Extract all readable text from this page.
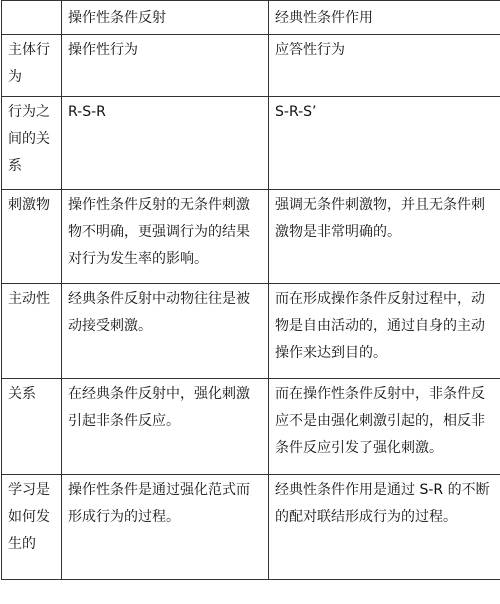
	操作性条件反射	经典性条件作用
主体行为	操作性行为	应答性行为
行为之间的关系	R-S-R	S-R-S’
刺激物	操作性条件反射的无条件刺激物不明确，更强调行为的结果对行为发生率的影响。	强调无条件刺激物，并且无条件刺激物是非常明确的。
主动性	经典条件反射中动物往往是被动接受刺激。	而在形成操作条件反射过程中，动物是自由活动的，通过自身的主动操作来达到目的。
关系	在经典条件反射中，强化刺激引起非条件反应。	而在操作性条件反射中，非条件反应不是由强化刺激引起的，相反非条件反应引发了强化刺激。
学习是如何发生的	操作性条件是通过强化范式而形成行为的过程。	经典性条件作用是通过 S-R 的不断的配对联结形成行为的过程。
